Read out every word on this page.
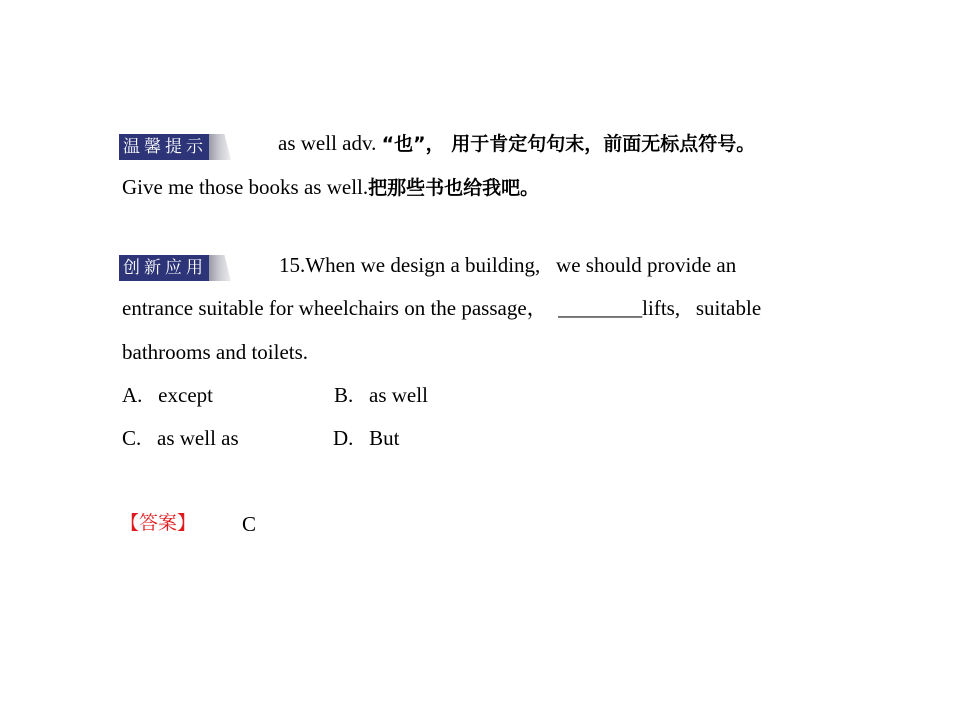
温馨提示	as well adv. “也”， 用于肯定句句末，前面无标点符号。
Give me those books as well.把那些书也给我吧。
创新应用	15.When we design a building,   we should provide an
entrance suitable for wheelchairs on the passage，  ________lifts,   suitable
bathrooms and toilets.
A. except	B. as well
C. as well as	D. But
【答案】 C
